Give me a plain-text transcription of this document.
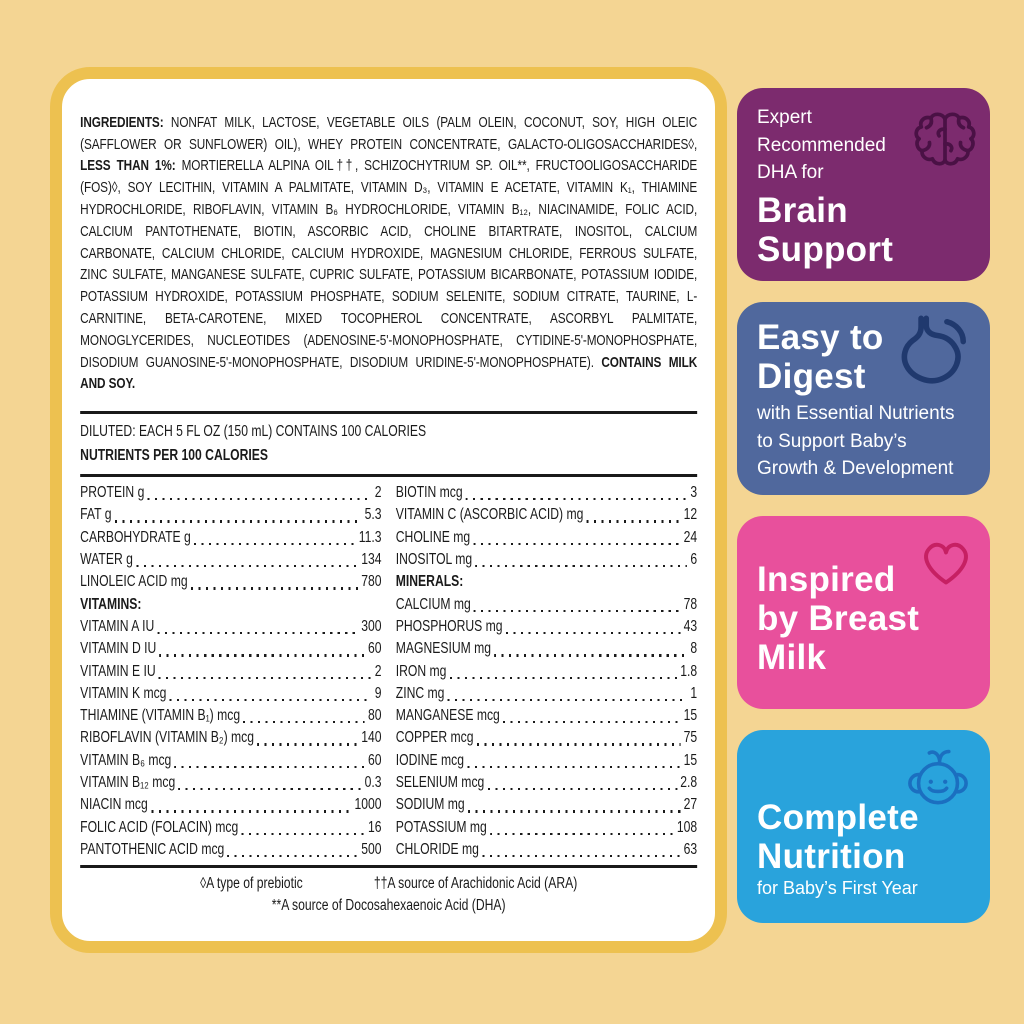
INGREDIENTS: NONFAT MILK, LACTOSE, VEGETABLE OILS (PALM OLEIN, COCONUT, SOY, HIGH OLEIC (SAFFLOWER OR SUNFLOWER) OIL), WHEY PROTEIN CONCENTRATE, GALACTO-OLIGOSACCHARIDES◊, LESS THAN 1%: MORTIERELLA ALPINA OIL††, SCHIZOCHYTRIUM SP. OIL**, FRUCTOOLIGOSACCHARIDE (FOS)◊, SOY LECITHIN, VITAMIN A PALMITATE, VITAMIN D₃, VITAMIN E ACETATE, VITAMIN K₁, THIAMINE HYDROCHLORIDE, RIBOFLAVIN, VITAMIN B₆ HYDROCHLORIDE, VITAMIN B₁₂, NIACINAMIDE, FOLIC ACID, CALCIUM PANTOTHENATE, BIOTIN, ASCORBIC ACID, CHOLINE BITARTRATE, INOSITOL, CALCIUM CARBONATE, CALCIUM CHLORIDE, CALCIUM HYDROXIDE, MAGNESIUM CHLORIDE, FERROUS SULFATE, ZINC SULFATE, MANGANESE SULFATE, CUPRIC SULFATE, POTASSIUM BICARBONATE, POTASSIUM IODIDE, POTASSIUM HYDROXIDE, POTASSIUM PHOSPHATE, SODIUM SELENITE, SODIUM CITRATE, TAURINE, L-CARNITINE, BETA-CAROTENE, MIXED TOCOPHEROL CONCENTRATE, ASCORBYL PALMITATE, MONOGLYCERIDES, NUCLEOTIDES (ADENOSINE-5'-MONOPHOSPHATE, CYTIDINE-5'-MONOPHOSPHATE, DISODIUM GUANOSINE-5'-MONOPHOSPHATE, DISODIUM URIDINE-5'-MONOPHOSPHATE). CONTAINS MILK AND SOY.

DILUTED: EACH 5 FL OZ (150 mL) CONTAINS 100 CALORIES
NUTRIENTS PER 100 CALORIES
PROTEIN g	2
FAT g	5.3
CARBOHYDRATE g	11.3
WATER g	134
LINOLEIC ACID mg	780
VITAMINS:
VITAMIN A IU	300
VITAMIN D IU	60
VITAMIN E IU	2
VITAMIN K mcg	9
THIAMINE (VITAMIN B₁) mcg	80
RIBOFLAVIN (VITAMIN B₂) mcg	140
VITAMIN B₆ mcg	60
VITAMIN B₁₂ mcg	0.3
NIACIN mcg	1000
FOLIC ACID (FOLACIN) mcg	16
PANTOTHENIC ACID mcg	500
BIOTIN mcg	3
VITAMIN C (ASCORBIC ACID) mg	12
CHOLINE mg	24
INOSITOL mg	6
MINERALS:
CALCIUM mg	78
PHOSPHORUS mg	43
MAGNESIUM mg	8
IRON mg	1.8
ZINC mg	1
MANGANESE mcg	15
COPPER mcg	75
IODINE mcg	15
SELENIUM mcg	2.8
SODIUM mg	27
POTASSIUM mg	108
CHLORIDE mg	63
◊A type of prebiotic	††A source of Arachidonic Acid (ARA)
**A source of Docosahexaenoic Acid (DHA)
Expert
Recommended
DHA for
Brain
Support
Easy to
Digest
with Essential Nutrients
to Support Baby’s
Growth & Development
Inspired
by Breast
Milk
Complete
Nutrition
for Baby’s First Year
